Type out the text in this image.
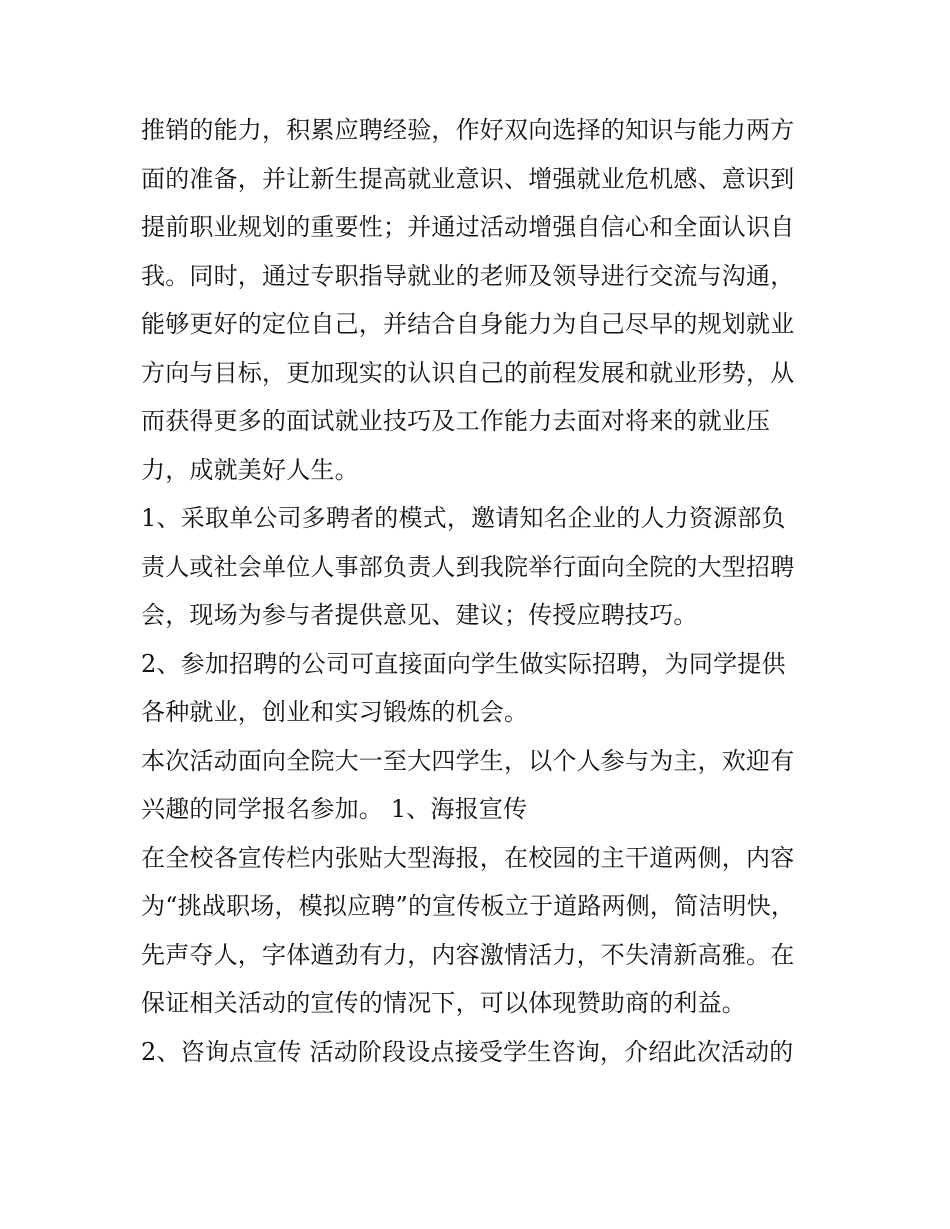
推销的能力，积累应聘经验，作好双向选择的知识与能力两方
面的准备，并让新生提高就业意识、增强就业危机感、意识到
提前职业规划的重要性；并通过活动增强自信心和全面认识自
我。同时，通过专职指导就业的老师及领导进行交流与沟通，
能够更好的定位自己，并结合自身能力为自己尽早的规划就业
方向与目标，更加现实的认识自己的前程发展和就业形势，从
而获得更多的面试就业技巧及工作能力去面对将来的就业压
力，成就美好人生。
1、采取单公司多聘者的模式，邀请知名企业的人力资源部负
责人或社会单位人事部负责人到我院举行面向全院的大型招聘
会，现场为参与者提供意见、建议；传授应聘技巧。
2、参加招聘的公司可直接面向学生做实际招聘，为同学提供
各种就业，创业和实习锻炼的机会。
本次活动面向全院大一至大四学生，以个人参与为主，欢迎有
兴趣的同学报名参加。 1、海报宣传
在全校各宣传栏内张贴大型海报，在校园的主干道两侧，内容
为“挑战职场，模拟应聘”的宣传板立于道路两侧，简洁明快，
先声夺人，字体遒劲有力，内容激情活力，不失清新高雅。在
保证相关活动的宣传的情况下，可以体现赞助商的利益。
2、咨询点宣传 活动阶段设点接受学生咨询，介绍此次活动的
